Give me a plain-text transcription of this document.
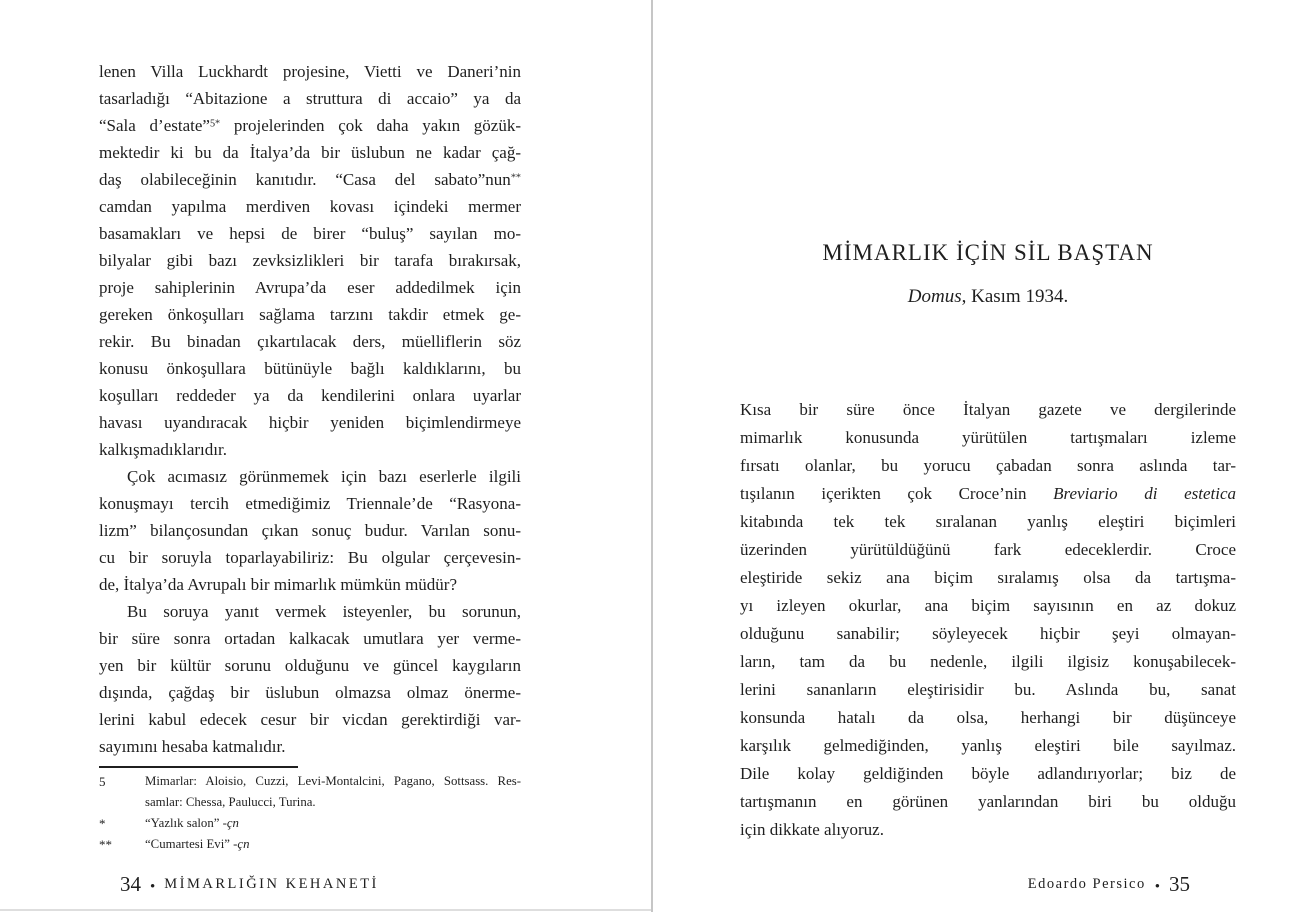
lenen Villa Luckhardt projesine, Vietti ve Daneri’nin
tasarladığı “Abitazione a struttura di accaio” ya da
“Sala d’estate”$^{5*}$ projelerinden çok daha yakın gözük-
mektedir ki bu da İtalya’da bir üslubun ne kadar çağ-
daş olabileceğinin kanıtıdır. “Casa del sabato”nun**
camdan yapılma merdiven kovası içindeki mermer
basamakları ve hepsi de birer “buluş” sayılan mo-
bilyalar gibi bazı zevksizlikleri bir tarafa bırakırsak,
proje sahiplerinin Avrupa’da eser addedilmek için
gereken önkoşulları sağlama tarzını takdir etmek ge-
rekir. Bu binadan çıkartılacak ders, müelliflerin söz
konusu önkoşullara bütünüyle bağlı kaldıklarını, bu
koşulları reddeder ya da kendilerini onlara uyarlar
havası uyandıracak hiçbir yeniden biçimlendirmeye
kalkışmadıklarıdır.
Çok acımasız görünmemek için bazı eserlerle ilgili
konuşmayı tercih etmediğimiz Triennale’de “Rasyona-
lizm” bilançosundan çıkan sonuç budur. Varılan sonu-
cu bir soruyla toparlayabiliriz: Bu olgular çerçevesin-
de, İtalya’da Avrupalı bir mimarlık mümkün müdür?
Bu soruya yanıt vermek isteyenler, bu sorunun,
bir süre sonra ortadan kalkacak umutlara yer verme-
yen bir kültür sorunu olduğunu ve güncel kaygıların
dışında, çağdaş bir üslubun olmazsa olmaz önerme-
lerini kabul edecek cesur bir vicdan gerektirdiği var-
sayımını hesaba katmalıdır.
5	Mimarlar: Aloisio, Cuzzi, Levi-Montalcini, Pagano, Sottsass. Res-
samlar: Chessa, Paulucci, Turina.
*	“Yazlık salon” -çn
**	“Cumartesi Evi” -çn
34 • MİMARLIĞIN KEHANETİ
MİMARLIK İÇİN SİL BAŞTAN
Domus, Kasım 1934.
Kısa bir süre önce İtalyan gazete ve dergilerinde
mimarlık konusunda yürütülen tartışmaları izleme
fırsatı olanlar, bu yorucu çabadan sonra aslında tar-
tışılanın içerikten çok Croce’nin Breviario di estetica
kitabında tek tek sıralanan yanlış eleştiri biçimleri
üzerinden yürütüldüğünü fark edeceklerdir. Croce
eleştiride sekiz ana biçim sıralamış olsa da tartışma-
yı izleyen okurlar, ana biçim sayısının en az dokuz
olduğunu sanabilir; söyleyecek hiçbir şeyi olmayan-
ların, tam da bu nedenle, ilgili ilgisiz konuşabilecek-
lerini sananların eleştirisidir bu. Aslında bu, sanat
konsunda hatalı da olsa, herhangi bir düşünceye
karşılık gelmediğinden, yanlış eleştiri bile sayılmaz.
Dile kolay geldiğinden böyle adlandırıyorlar; biz de
tartışmanın en görünen yanlarından biri bu olduğu
için dikkate alıyoruz.
Edoardo Persico • 35
